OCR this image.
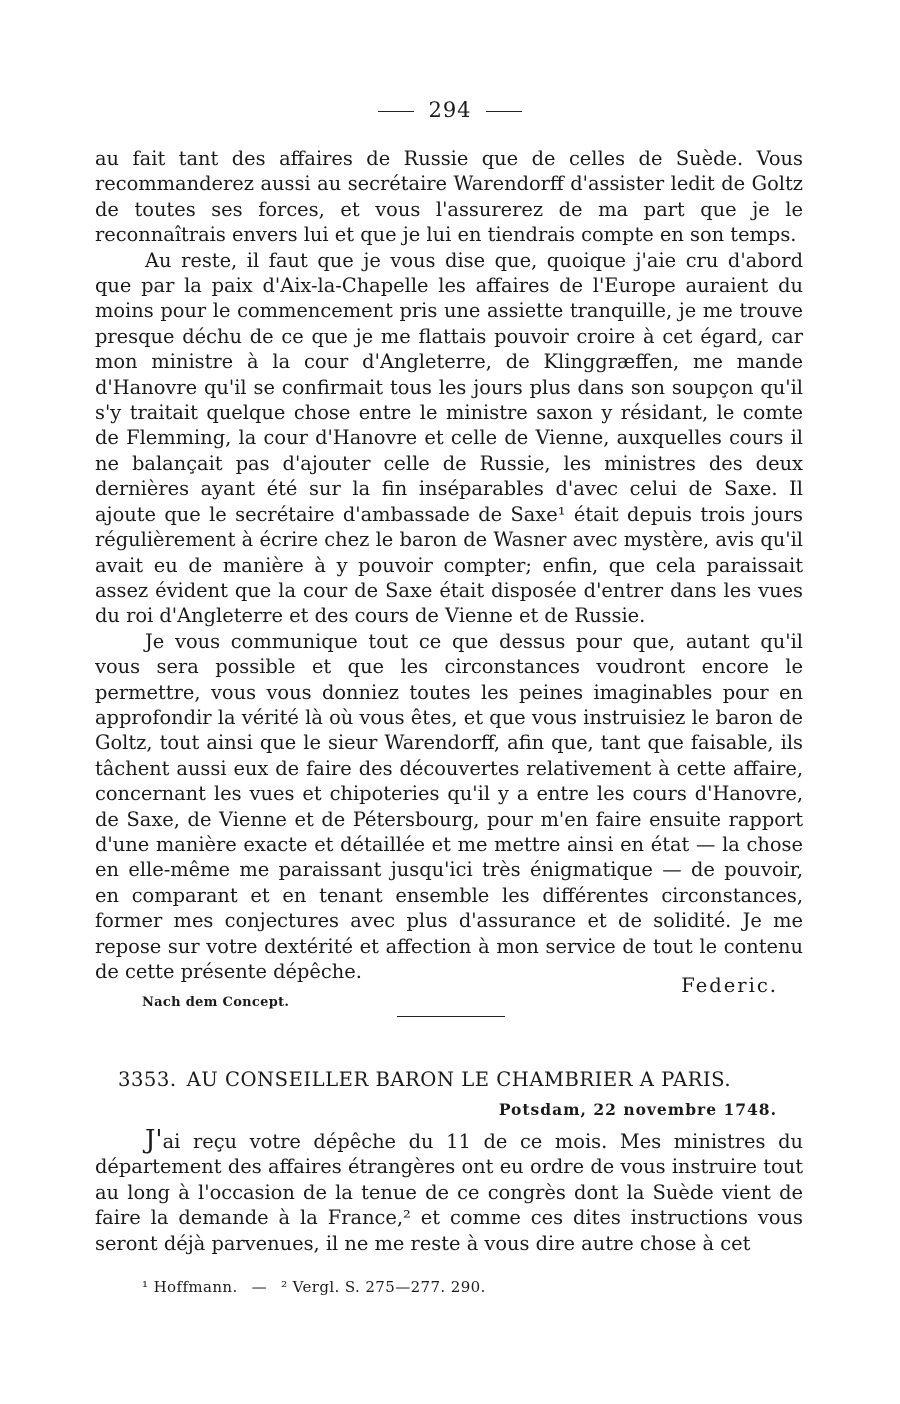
294

au fait tant des affaires de Russie que de celles de Suède. Vous recommanderez aussi au secrétaire Warendorff d'assister ledit de Goltz de toutes ses forces, et vous l'assurerez de ma part que je le reconnaîtrais envers lui et que je lui en tiendrais compte en son temps.

Au reste, il faut que je vous dise que, quoique j'aie cru d'abord que par la paix d'Aix-la-Chapelle les affaires de l'Europe auraient du moins pour le commencement pris une assiette tranquille, je me trouve presque déchu de ce que je me flattais pouvoir croire à cet égard, car mon ministre à la cour d'Angleterre, de Klinggræffen, me mande d'Hanovre qu'il se confirmait tous les jours plus dans son soupçon qu'il s'y traitait quelque chose entre le ministre saxon y résidant, le comte de Flemming, la cour d'Hanovre et celle de Vienne, auxquelles cours il ne balançait pas d'ajouter celle de Russie, les ministres des deux dernières ayant été sur la fin inséparables d'avec celui de Saxe. Il ajoute que le secrétaire d'ambassade de Saxe¹ était depuis trois jours régulièrement à écrire chez le baron de Wasner avec mystère, avis qu'il avait eu de manière à y pouvoir compter; enfin, que cela paraissait assez évident que la cour de Saxe était disposée d'entrer dans les vues du roi d'Angleterre et des cours de Vienne et de Russie.

Je vous communique tout ce que dessus pour que, autant qu'il vous sera possible et que les circonstances voudront encore le permettre, vous vous donniez toutes les peines imaginables pour en approfondir la vérité là où vous êtes, et que vous instruisiez le baron de Goltz, tout ainsi que le sieur Warendorff, afin que, tant que faisable, ils tâchent aussi eux de faire des découvertes relativement à cette affaire, concernant les vues et chipoteries qu'il y a entre les cours d'Hanovre, de Saxe, de Vienne et de Pétersbourg, pour m'en faire ensuite rapport d'une manière exacte et détaillée et me mettre ainsi en état — la chose en elle-même me paraissant jusqu'ici très énigmatique — de pouvoir, en comparant et en tenant ensemble les différentes circonstances, former mes conjectures avec plus d'assurance et de solidité. Je me repose sur votre dextérité et affection à mon service de tout le contenu de cette présente dépêche.

Federic.
Nach dem Concept.
3353. AU CONSEILLER BARON LE CHAMBRIER A PARIS.
Potsdam, 22 novembre 1748.

J'ai reçu votre dépêche du 11 de ce mois. Mes ministres du département des affaires étrangères ont eu ordre de vous instruire tout au long à l'occasion de la tenue de ce congrès dont la Suède vient de faire la demande à la France,² et comme ces dites instructions vous seront déjà parvenues, il ne me reste à vous dire autre chose à cet

¹ Hoffmann. — ² Vergl. S. 275—277. 290.
